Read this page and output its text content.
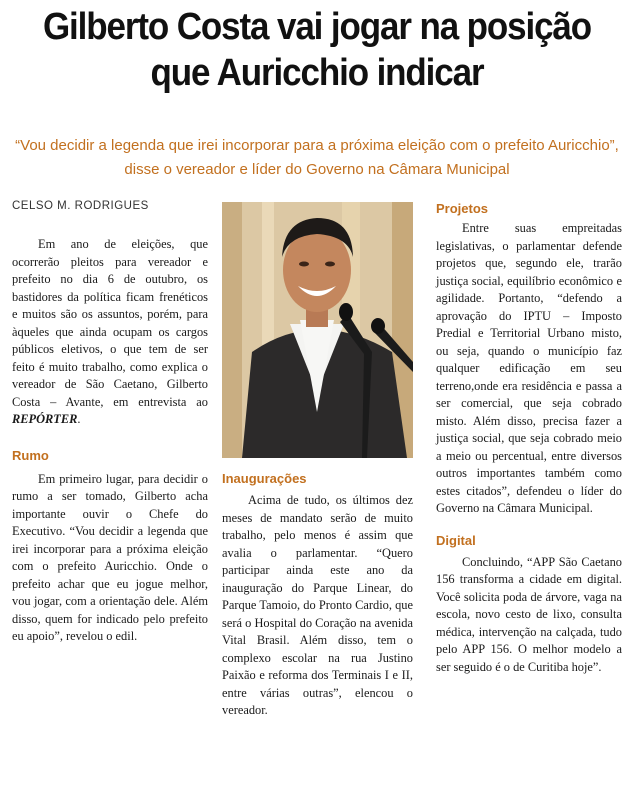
Gilberto Costa vai jogar na posição que Auricchio indicar

“Vou decidir a legenda que irei incorporar para a próxima eleição com o prefeito Auricchio”, disse o vereador e líder do Governo na Câmara Municipal

CELSO M. RODRIGUES

Em ano de eleições, que ocorrerão pleitos para vereador e prefeito no dia 6 de outubro, os bastidores da política ficam frenéticos e muitos são os assuntos, porém, para àqueles que ainda ocupam os cargos públicos eletivos, o que tem de ser feito é muito trabalho, como explica o vereador de São Caetano, Gilberto Costa – Avante, em entrevista ao REPÓRTER.

Rumo

Em primeiro lugar, para decidir o rumo a ser tomado, Gilberto acha importante ouvir o Chefe do Executivo. “Vou decidir a legenda que irei incorporar para a próxima eleição com o prefeito Auricchio. Onde o prefeito achar que eu jogue melhor, vou jogar, com a orientação dele. Além disso, quem for indicado pelo prefeito eu apoio”, revelou o edil.

Inaugurações

Acima de tudo, os últimos dez meses de mandato serão de muito trabalho, pelo menos é assim que avalia o parlamentar. “Quero participar ainda este ano da inauguração do Parque Linear, do Parque Tamoio, do Pronto Cardio, que será o Hospital do Coração na avenida Vital Brasil. Além disso, tem o complexo escolar na rua Justino Paixão e reforma dos Terminais I e II, entre várias outras”, elencou o vereador.

Projetos

Entre suas empreitadas legislativas, o parlamentar defende projetos que, segundo ele, trarão justiça social, equilíbrio econômico e agilidade. Portanto, “defendo a aprovação do IPTU – Imposto Predial e Territorial Urbano misto, ou seja, quando o município faz qualquer edificação em seu terreno,onde era residência e passa a ser comercial, que seja cobrado misto. Além disso, precisa fazer a justiça social, que seja cobrado meio a meio ou percentual, entre diversos outros importantes também como estes citados”, defendeu o líder do Governo na Câmara Municipal.

Digital

Concluindo, “APP São Caetano 156 transforma a cidade em digital. Você solicita poda de árvore, vaga na escola, novo cesto de lixo, consulta médica, intervenção na calçada, tudo pelo APP 156. O melhor modelo a ser seguido é o de Curitiba hoje”.
